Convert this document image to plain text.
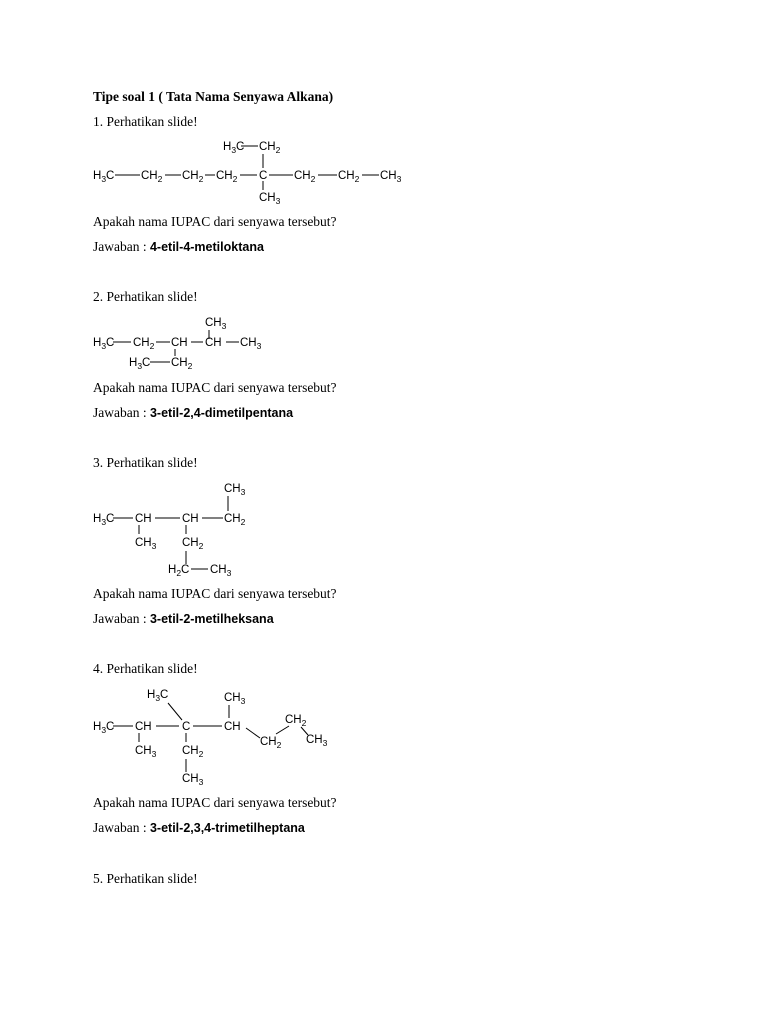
Tipe soal 1 ( Tata Nama Senyawa Alkana)
1. Perhatikan slide!
$H_3C$ $CH_2$
$H_3C$ $CH_2$ $CH_2$ $CH_2$ C $CH_2$ $CH_2$ $CH_3$
$CH_3$
Apakah nama IUPAC dari senyawa tersebut?
Jawaban : 4-etil-4-metiloktana
2. Perhatikan slide!
$CH_3$
$H_3C$ $CH_2$ CH CH $CH_3$
$H_3C$ $CH_2$
Apakah nama IUPAC dari senyawa tersebut?
Jawaban : 3-etil-2,4-dimetilpentana
3. Perhatikan slide!
$CH_3$
$H_3C$ CH	CH $CH_2$
$CH_3$ $CH_2$
$H_2C$ $CH_3$
Apakah nama IUPAC dari senyawa tersebut?
Jawaban : 3-etil-2-metilheksana
4. Perhatikan slide!
$H_3C$	$CH_3$
$H_3C$ CH	C	CH
$CH_2$
$CH_2$
$CH_3$
$CH_3$ $CH_2$
$CH_3$
Apakah nama IUPAC dari senyawa tersebut?
Jawaban : 3-etil-2,3,4-trimetilheptana
5. Perhatikan slide!
